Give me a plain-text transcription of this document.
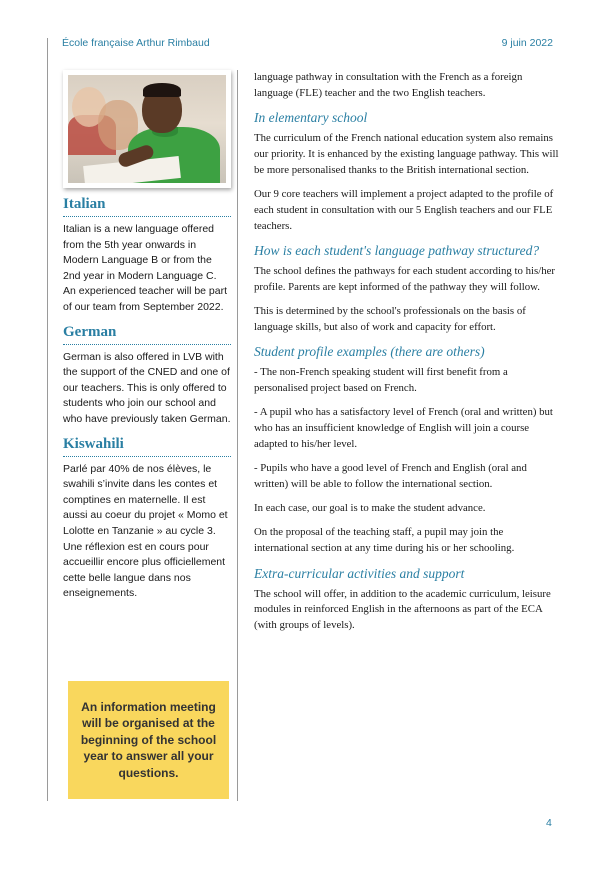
École française Arthur Rimbaud	9 juin 2022
Italian

Italian is a new language offered from the 5th year onwards in Modern Language B or from the 2nd year in Modern Language C. An experienced teacher will be part of our team from September 2022.

German

German is also offered in LVB with the support of the CNED and one of our teachers. This is only offered to students who join our school and who have previously taken German.

Kiswahili

Parlé par 40% de nos élèves, le swahili s’invite dans les contes et comptines en maternelle. Il est aussi au coeur du projet « Momo et Lolotte en Tanzanie » au cycle 3. Une réflexion est en cours pour accueillir encore plus officiellement cette belle langue dans nos enseignements.

An information meeting will be organised at the beginning of the school year to answer all your questions.

language pathway in consultation with the French as a foreign language (FLE) teacher and the two English teachers.

In elementary school

The curriculum of the French national education system also remains our priority. It is enhanced by the existing language pathway. This will be more personalised thanks to the British international section.

Our 9 core teachers will implement a project adapted to the profile of each student in consultation with our 5 English teachers and our FLE teachers.

How is each student's language pathway structured?

The school defines the pathways for each student according to his/her profile. Parents are kept informed of the pathway they will follow.

This is determined by the school's professionals on the basis of language skills, but also of work and capacity for effort.

Student profile examples (there are others)

- The non-French speaking student will first benefit from a personalised project based on French.

- A pupil who has a satisfactory level of French (oral and written) but who has an insufficient knowledge of English will join a course adapted to his/her level.

- Pupils who have a good level of French and English (oral and written) will be able to follow the international section.

In each case, our goal is to make the student advance.

On the proposal of the teaching staff, a pupil may join the international section at any time during his or her schooling.

Extra-curricular activities and support

The school will offer, in addition to the academic curriculum, leisure modules in reinforced English in the afternoons as part of the ECA (with groups of levels).

4
